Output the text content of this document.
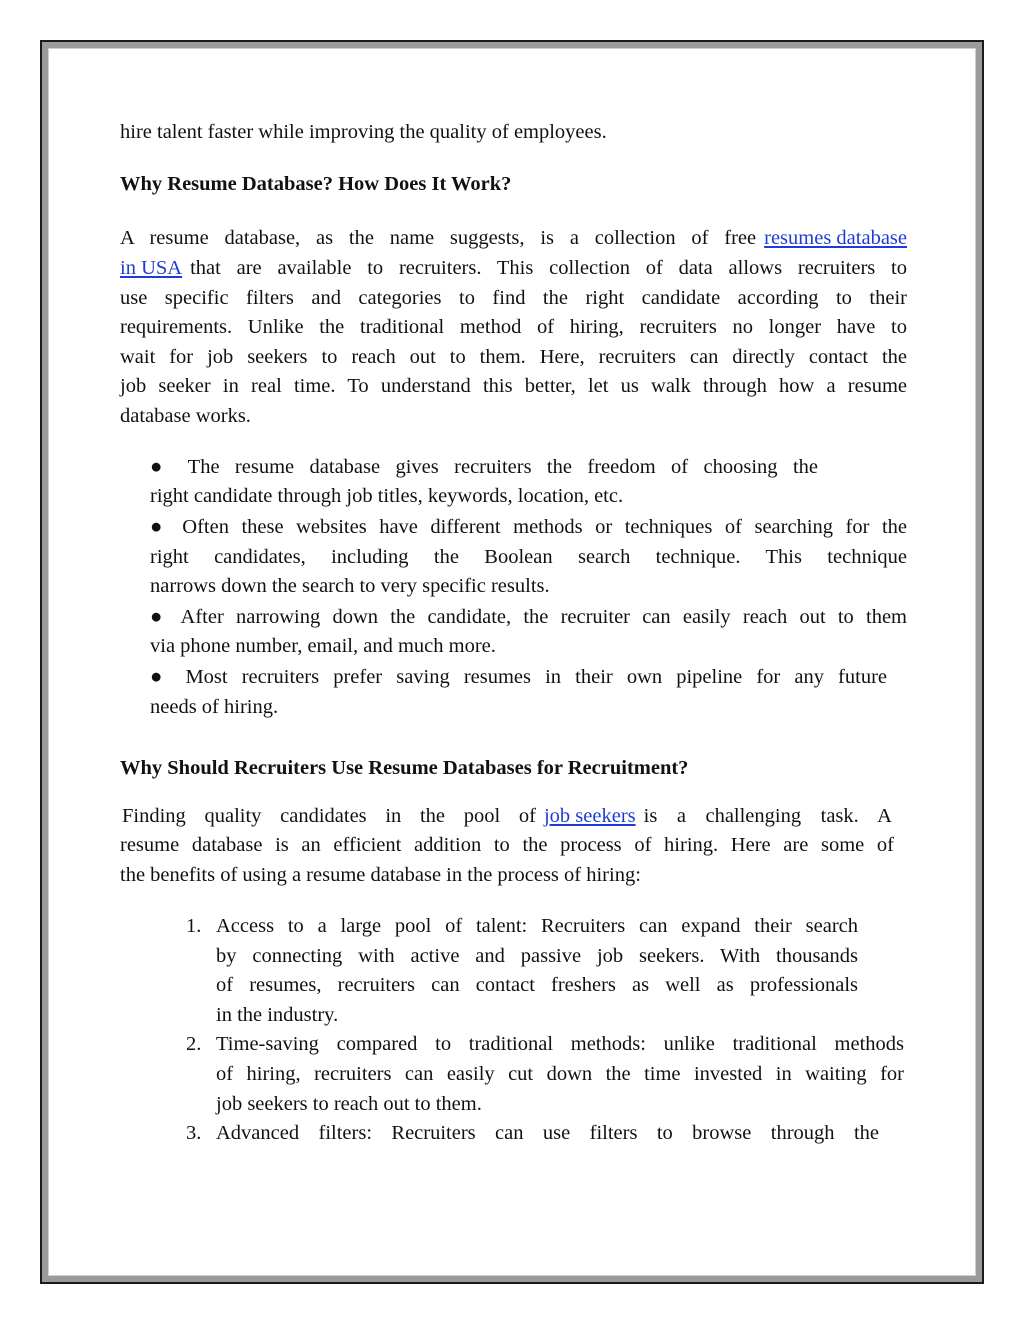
hire talent faster while improving the quality of employees.
Why Resume Database? How Does It Work?
A resume database, as the name suggests, is a collection of free resumes database
in USA that are available to recruiters. This collection of data allows recruiters to
use specific filters and categories to find the right candidate according to their
requirements. Unlike the traditional method of hiring, recruiters no longer have to
wait for job seekers to reach out to them. Here, recruiters can directly contact the
job seeker in real time. To understand this better, let us walk through how a resume
database works.
● The resume database gives recruiters the freedom of choosing the
right candidate through job titles, keywords, location, etc.
● Often these websites have different methods or techniques of searching for the
right candidates, including the Boolean search technique. This technique
narrows down the search to very specific results.
● After narrowing down the candidate, the recruiter can easily reach out to them
via phone number, email, and much more.
● Most recruiters prefer saving resumes in their own pipeline for any future
needs of hiring.
Why Should Recruiters Use Resume Databases for Recruitment?
Finding quality candidates in the pool of job seekers is a challenging task. A
resume database is an efficient addition to the process of hiring. Here are some of
the benefits of using a resume database in the process of hiring:
1. Access to a large pool of talent: Recruiters can expand their search
by connecting with active and passive job seekers. With thousands
of resumes, recruiters can contact freshers as well as professionals
in the industry.
2. Time-saving compared to traditional methods: unlike traditional methods
of hiring, recruiters can easily cut down the time invested in waiting for
job seekers to reach out to them.
3. Advanced filters: Recruiters can use filters to browse through the
